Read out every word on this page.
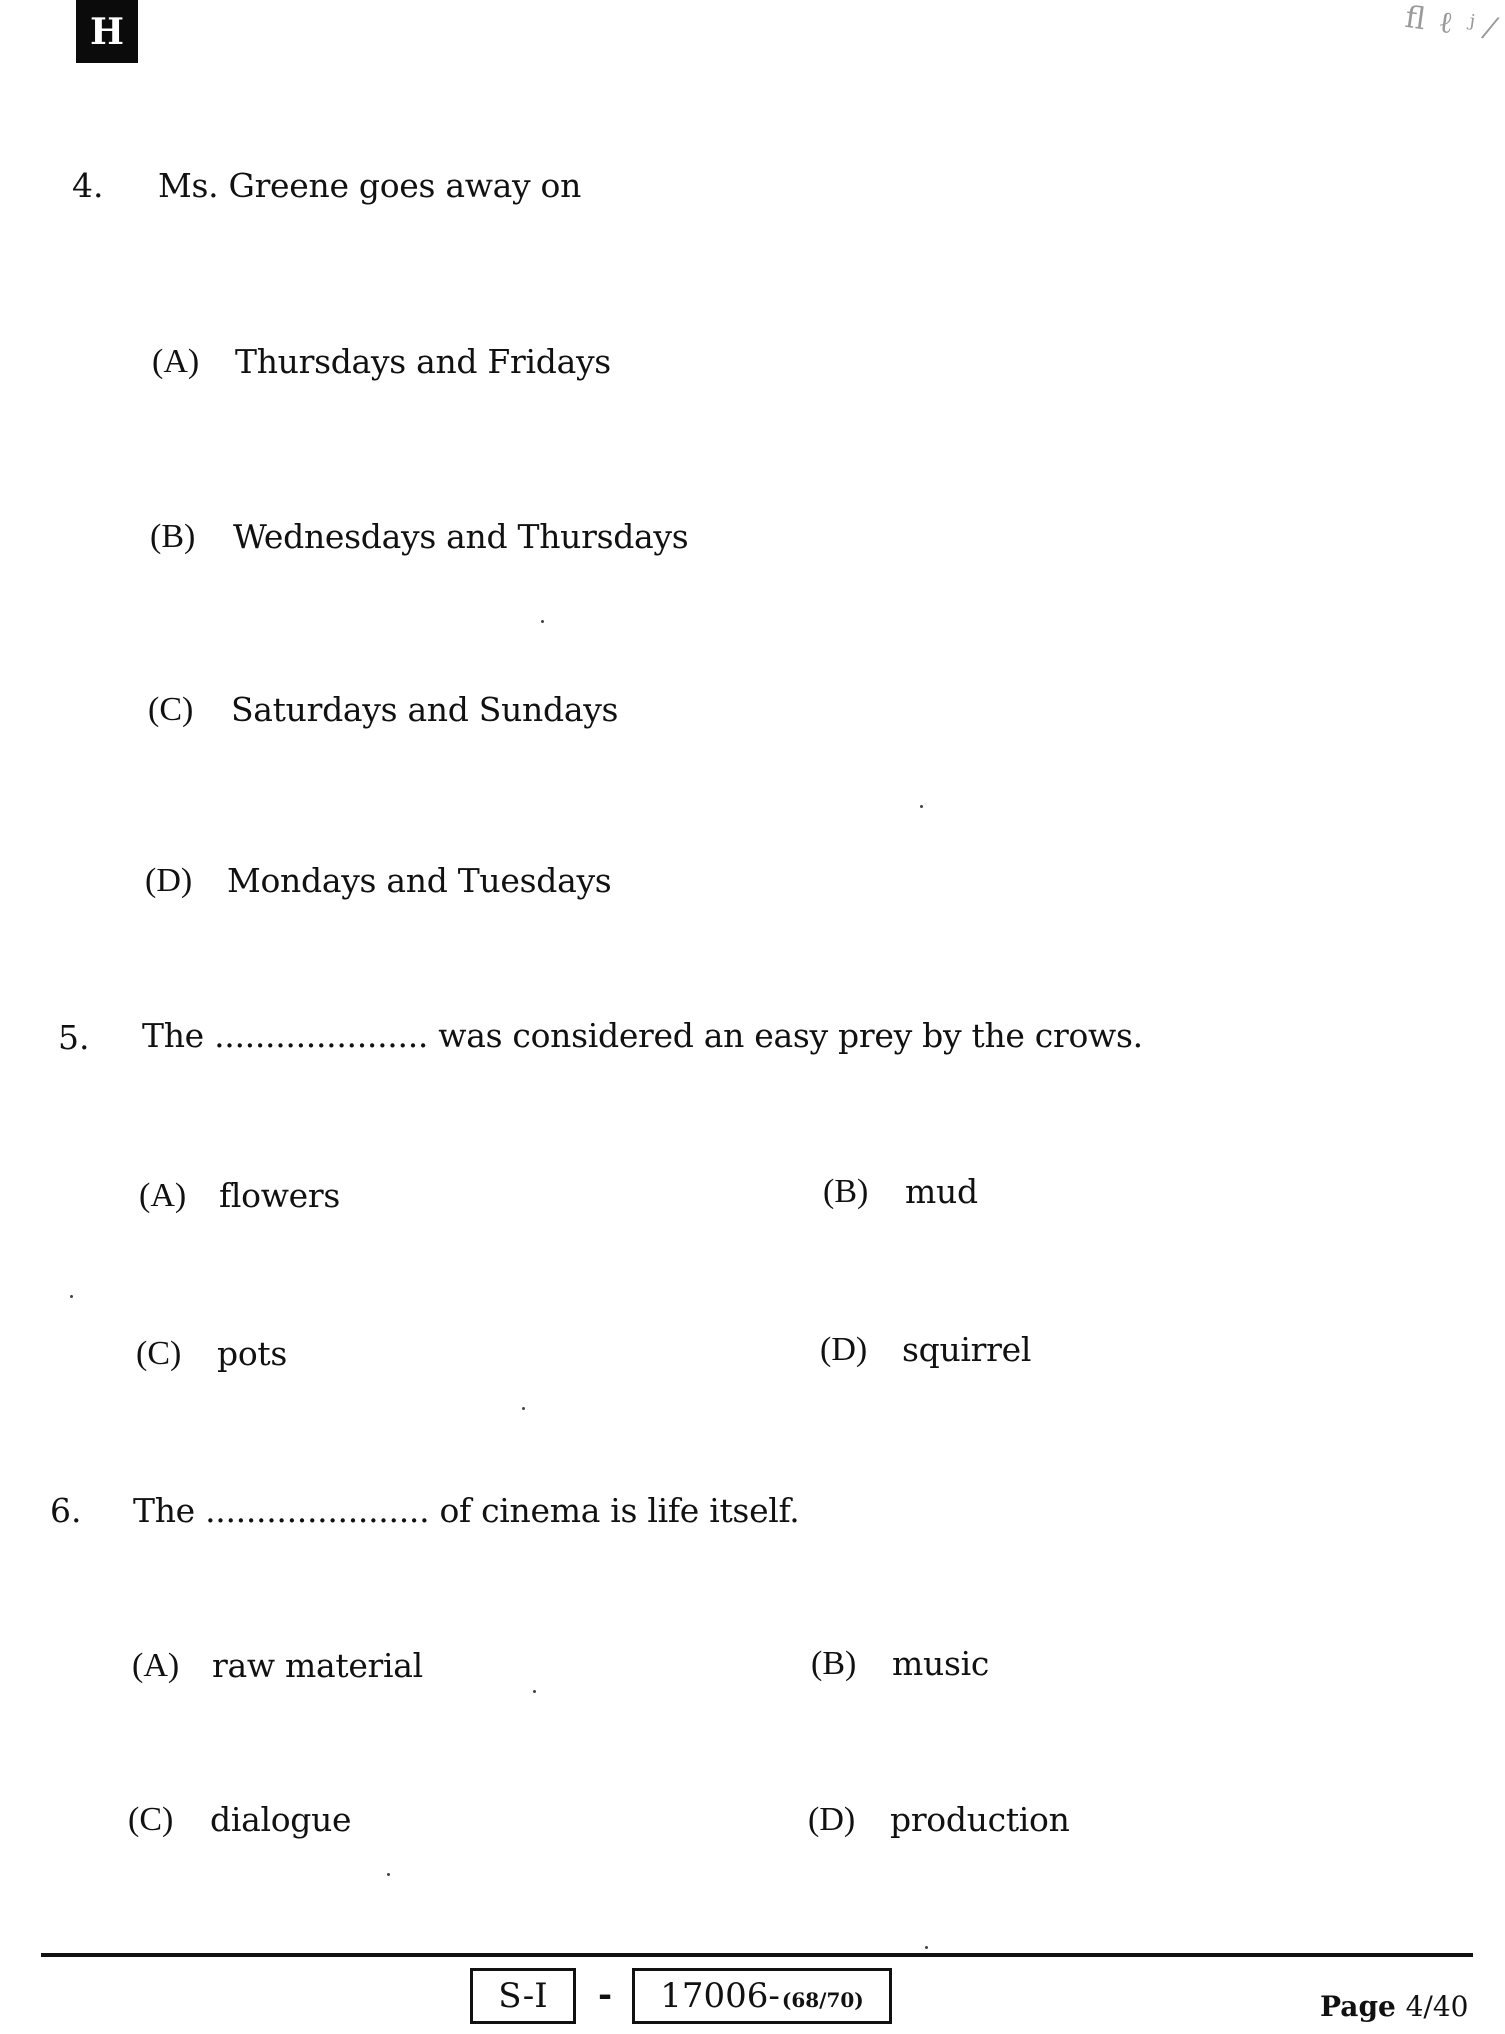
H	ﬂ ℓ ʲ ⁄
4. Ms. Greene goes away on
(A) Thursdays and Fridays
(B) Wednesdays and Thursdays
(C) Saturdays and Sundays
(D) Mondays and Tuesdays
5. The ..................... was considered an easy prey by the crows.
(A) flowers	(B) mud
(C) pots	(D) squirrel
6. The ...................... of cinema is life itself.
(A) raw material	(B) music
(C) dialogue	(D) production
S-I - 17006- (68/70)	Page 4/40
